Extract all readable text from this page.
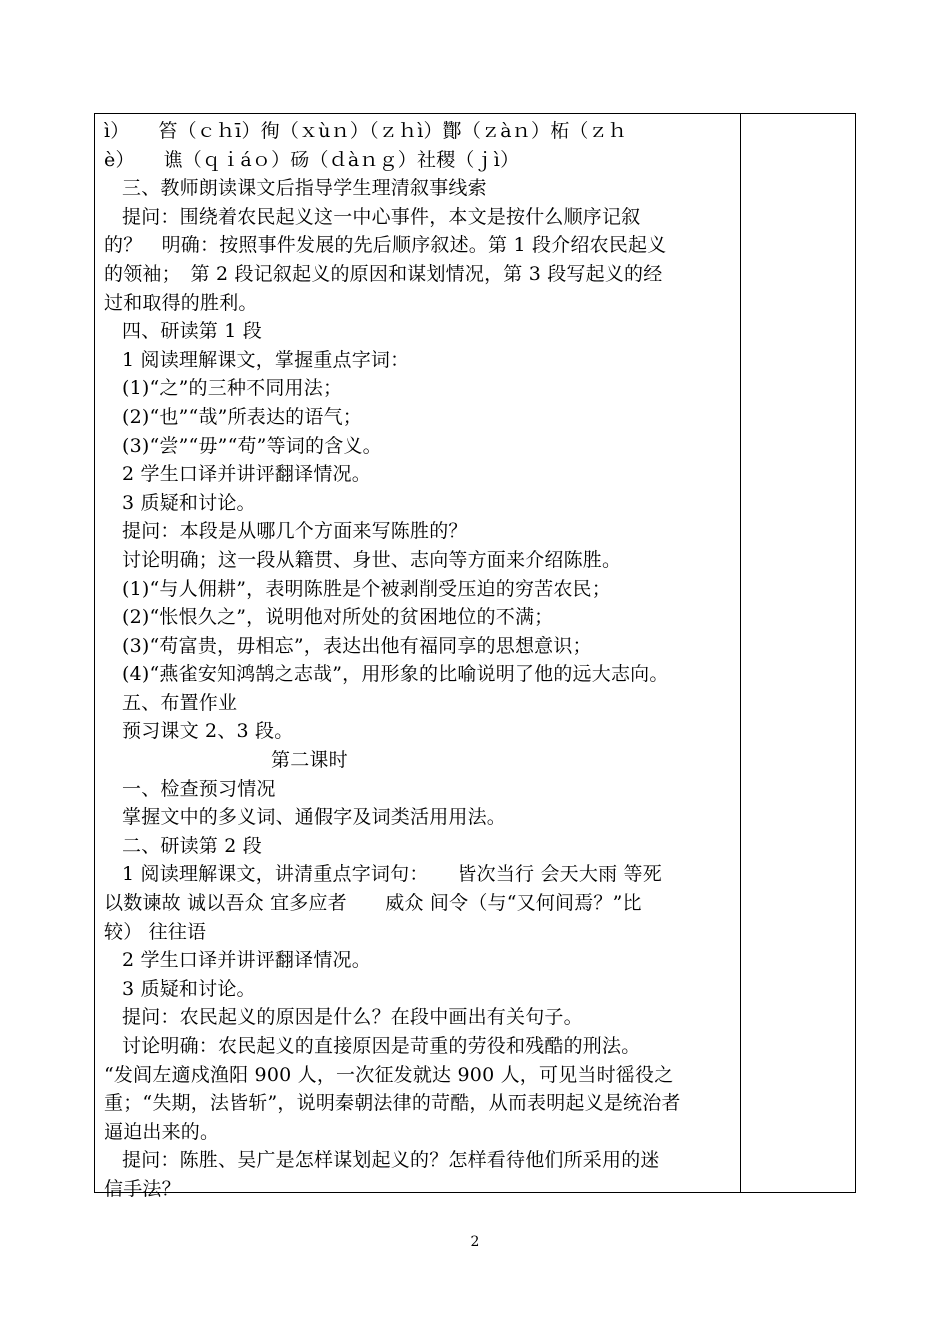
ì）　　笞（ｃｈī）徇（ｘùｎ）（ｚｈì）酇（ｚàｎ）柘（ｚｈ
è）　　谯（ｑｉáｏ）砀（ｄàｎｇ）社稷（ｊì）
三、教师朗读课文后指导学生理清叙事线索
提问：围绕着农民起义这一中心事件，本文是按什么顺序记叙
的？　明确：按照事件发展的先后顺序叙述。第 1 段介绍农民起义
的领袖；　第 2 段记叙起义的原因和谋划情况，第 3 段写起义的经
过和取得的胜利。
四、研读第 1 段
1 阅读理解课文，掌握重点字词：
(1)“之”的三种不同用法；
(2)“也”“哉”所表达的语气；
(3)“尝”“毋”“苟”等词的含义。
2 学生口译并讲评翻译情况。
3 质疑和讨论。
提问：本段是从哪几个方面来写陈胜的？
讨论明确；这一段从籍贯、身世、志向等方面来介绍陈胜。
(1)“与人佣耕”，表明陈胜是个被剥削受压迫的穷苦农民；
(2)“怅恨久之”，说明他对所处的贫困地位的不满；
(3)“苟富贵，毋相忘”，表达出他有福同享的思想意识；
(4)“燕雀安知鸿鹄之志哉”，用形象的比喻说明了他的远大志向。
五、布置作业
预习课文 2、3 段。
第二课时
一、检查预习情况
掌握文中的多义词、通假字及词类活用用法。
二、研读第 2 段
1 阅读理解课文，讲清重点字词句：　　皆次当行 会天大雨 等死
以数谏故 诚以吾众 宜多应者　　威众 间令（与“又何间焉？”比
较） 往往语
2 学生口译并讲评翻译情况。
3 质疑和讨论。
提问：农民起义的原因是什么？在段中画出有关句子。
讨论明确：农民起义的直接原因是苛重的劳役和残酷的刑法。
“发闾左適戍渔阳 900 人，一次征发就达 900 人，可见当时徭役之
重；“失期，法皆斩”，说明秦朝法律的苛酷，从而表明起义是统治者
逼迫出来的。
提问：陈胜、吴广是怎样谋划起义的？怎样看待他们所采用的迷
信手法？
2
